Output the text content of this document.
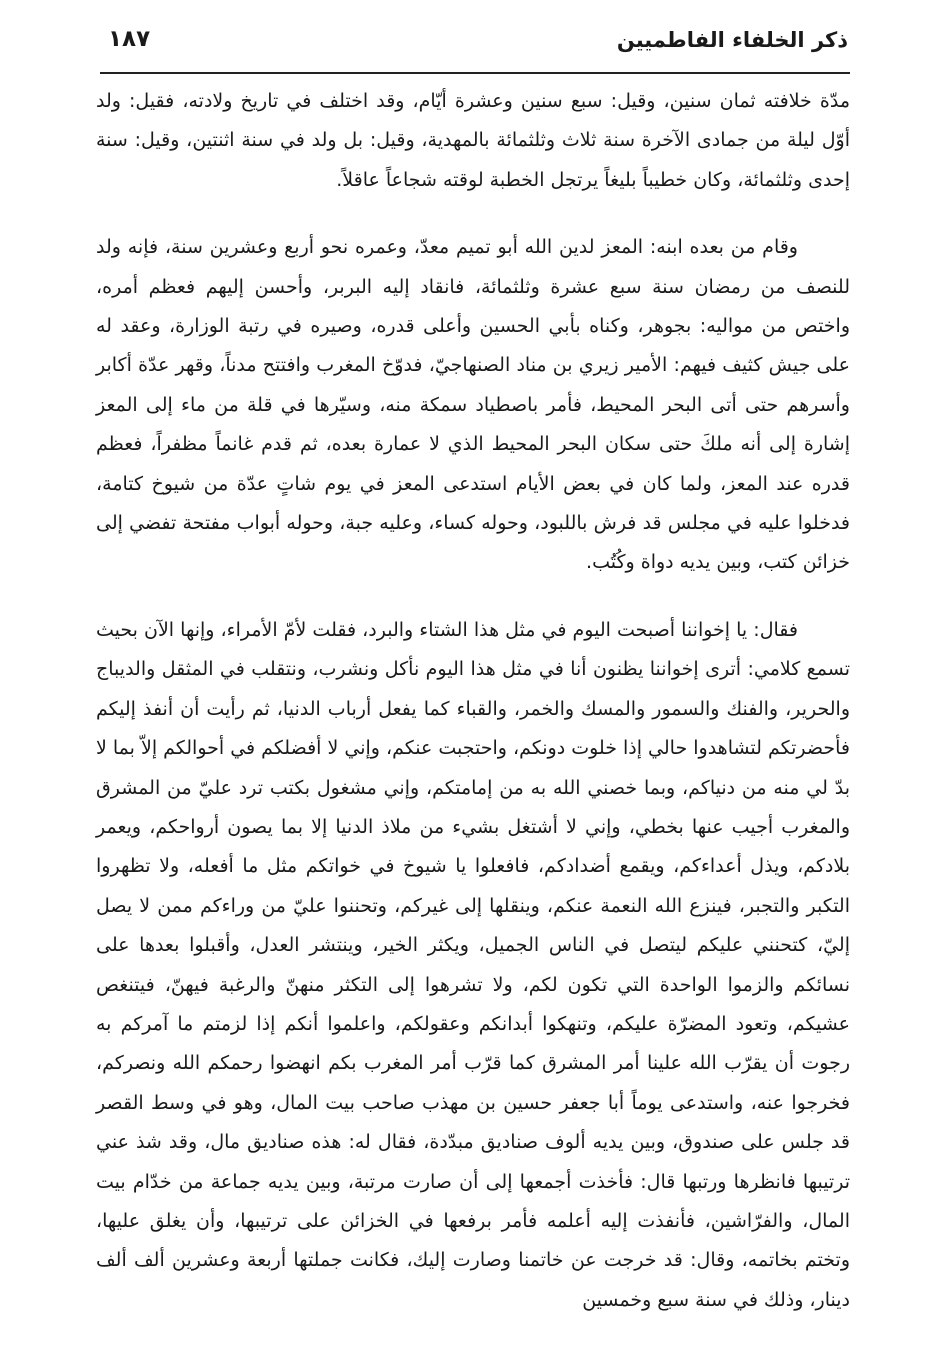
ذكر الخلفاء الفاطميين
١٨٧

مدّة خلافته ثمان سنين، وقيل: سبع سنين وعشرة أيّام، وقد اختلف في تاريخ ولادته، فقيل: ولد أوّل ليلة من جمادى الآخرة سنة ثلاث وثلثمائة بالمهدية، وقيل: بل ولد في سنة اثنتين، وقيل: سنة إحدى وثلثمائة، وكان خطيباً بليغاً يرتجل الخطبة لوقته شجاعاً عاقلاً.

وقام من بعده ابنه: المعز لدين الله أبو تميم معدّ، وعمره نحو أربع وعشرين سنة، فإنه ولد للنصف من رمضان سنة سبع عشرة وثلثمائة، فانقاد إليه البربر، وأحسن إليهم فعظم أمره، واختص من مواليه: بجوهر، وكناه بأبي الحسين وأعلى قدره، وصيره في رتبة الوزارة، وعقد له على جيش كثيف فيهم: الأمير زيري بن مناد الصنهاجيّ، فدوّخ المغرب وافتتح مدناً، وقهر عدّة أكابر وأسرهم حتى أتى البحر المحيط، فأمر باصطياد سمكة منه، وسيّرها في قلة من ماء إلى المعز إشارة إلى أنه ملكَ حتى سكان البحر المحيط الذي لا عمارة بعده، ثم قدم غانماً مظفراً، فعظم قدره عند المعز، ولما كان في بعض الأيام استدعى المعز في يوم شاتٍ عدّة من شيوخ كتامة، فدخلوا عليه في مجلس قد فرش باللبود، وحوله كساء، وعليه جبة، وحوله أبواب مفتحة تفضي إلى خزائن كتب، وبين يديه دواة وكُتُب.

فقال: يا إخواننا أصبحت اليوم في مثل هذا الشتاء والبرد، فقلت لأمّ الأمراء، وإنها الآن بحيث تسمع كلامي: أترى إخواننا يظنون أنا في مثل هذا اليوم نأكل ونشرب، ونتقلب في المثقل والديباج والحرير، والفنك والسمور والمسك والخمر، والقباء كما يفعل أرباب الدنيا، ثم رأيت أن أنفذ إليكم فأحضرتكم لتشاهدوا حالي إذا خلوت دونكم، واحتجبت عنكم، وإني لا أفضلكم في أحوالكم إلاّ بما لا بدّ لي منه من دنياكم، وبما خصني الله به من إمامتكم، وإني مشغول بكتب ترد عليّ من المشرق والمغرب أجيب عنها بخطي، وإني لا أشتغل بشيء من ملاذ الدنيا إلا بما يصون أرواحكم، ويعمر بلادكم، ويذل أعداءكم، ويقمع أضدادكم، فافعلوا يا شيوخ في خواتكم مثل ما أفعله، ولا تظهروا التكبر والتجبر، فينزع الله النعمة عنكم، وينقلها إلى غيركم، وتحننوا عليّ من وراءكم ممن لا يصل إليّ، كتحنني عليكم ليتصل في الناس الجميل، ويكثر الخير، وينتشر العدل، وأقبلوا بعدها على نسائكم والزموا الواحدة التي تكون لكم، ولا تشرهوا إلى التكثر منهنّ والرغبة فيهنّ، فيتنغص عشيكم، وتعود المضرّة عليكم، وتنهكوا أبدانكم وعقولكم، واعلموا أنكم إذا لزمتم ما آمركم به رجوت أن يقرّب الله علينا أمر المشرق كما قرّب أمر المغرب بكم انهضوا رحمكم الله ونصركم، فخرجوا عنه، واستدعى يوماً أبا جعفر حسين بن مهذب صاحب بيت المال، وهو في وسط القصر قد جلس على صندوق، وبين يديه ألوف صناديق مبدّدة، فقال له: هذه صناديق مال، وقد شذ عني ترتيبها فانظرها ورتبها قال: فأخذت أجمعها إلى أن صارت مرتبة، وبين يديه جماعة من خدّام بيت المال، والفرّاشين، فأنفذت إليه أعلمه فأمر برفعها في الخزائن على ترتيبها، وأن يغلق عليها، وتختم بخاتمه، وقال: قد خرجت عن خاتمنا وصارت إليك، فكانت جملتها أربعة وعشرين ألف ألف دينار، وذلك في سنة سبع وخمسين
